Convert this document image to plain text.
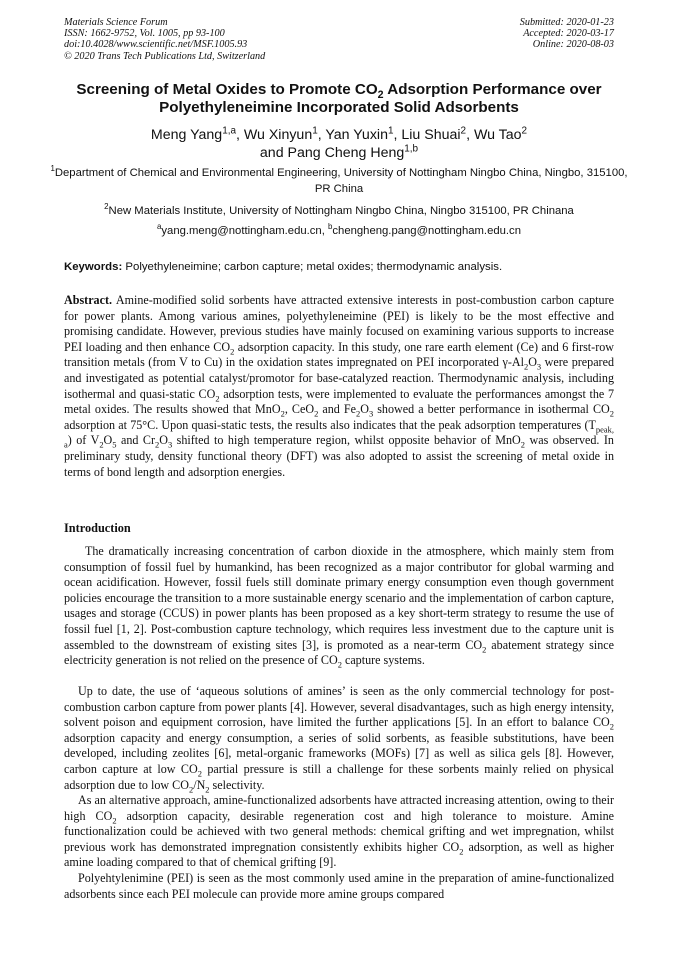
Materials Science Forum
ISSN: 1662-9752, Vol. 1005, pp 93-100
doi:10.4028/www.scientific.net/MSF.1005.93
© 2020 Trans Tech Publications Ltd, Switzerland
Submitted: 2020-01-23
Accepted: 2020-03-17
Online: 2020-08-03
Screening of Metal Oxides to Promote $CO_2$ Adsorption Performance over Polyethyleneimine Incorporated Solid Adsorbents
Meng Yang$^{1,a}$, Wu Xinyun$^1$, Yan Yuxin$^1$, Liu Shuai$^2$, Wu Tao$^2$
and Pang Cheng Heng$^{1,b}$
$^1$Department of Chemical and Environmental Engineering, University of Nottingham Ningbo China, Ningbo, 315100, PR China
$^2$New Materials Institute, University of Nottingham Ningbo China, Ningbo 315100, PR Chinana
$^a$yang.meng@nottingham.edu.cn, $^b$chengheng.pang@nottingham.edu.cn
Keywords: Polyethyleneimine; carbon capture; metal oxides; thermodynamic analysis.
Abstract. Amine-modified solid sorbents have attracted extensive interests in post-combustion carbon capture for power plants. Among various amines, polyethyleneimine (PEI) is likely to be the most effective and promising candidate. However, previous studies have mainly focused on examining various supports to increase PEI loading and then enhance $CO_2$ adsorption capacity. In this study, one rare earth element (Ce) and 6 first-row transition metals (from V to Cu) in the oxidation states impregnated on PEI incorporated $\gamma-Al_2O_3$ were prepared and investigated as potential catalyst/promotor for base-catalyzed reaction. Thermodynamic analysis, including isothermal and quasi-static $CO_2$ adsorption tests, were implemented to evaluate the performances amongst the 7 metal oxides. The results showed that MnO$_2$, CeO$_2$ and $Fe_2O_3$ showed a better performance in isothermal $CO_2$ adsorption at 75°C. Upon quasi-static tests, the results also indicates that the peak adsorption temperatures $(T_{peak, a})$ of $V_2O_5$ and $Cr_2O_3$ shifted to high temperature region, whilst opposite behavior of MnO$_2$ was observed. In preliminary study, density functional theory (DFT) was also adopted to assist the screening of metal oxide in terms of bond length and adsorption energies.
Introduction
The dramatically increasing concentration of carbon dioxide in the atmosphere, which mainly stem from consumption of fossil fuel by humankind, has been recognized as a major contributor for global warming and ocean acidification. However, fossil fuels still dominate primary energy consumption even though government policies encourage the transition to a more sustainable energy scenario and the implementation of carbon capture, usages and storage (CCUS) in power plants has been proposed as a key short-term strategy to resume the use of fossil fuel [1, 2]. Post-combustion capture technology, which requires less investment due to the capture unit is assembled to the downstream of existing sites [3], is promoted as a near-term $CO_2$ abatement strategy since electricity generation is not relied on the presence of $CO_2$ capture systems.
Up to date, the use of ‘aqueous solutions of amines’ is seen as the only commercial technology for post-combustion carbon capture from power plants [4]. However, several disadvantages, such as high energy intensity, solvent poison and equipment corrosion, have limited the further applications [5]. In an effort to balance $CO_2$ adsorption capacity and energy consumption, a series of solid sorbents, as feasible substitutions, have been developed, including zeolites [6], metal-organic frameworks (MOFs) [7] as well as silica gels [8]. However, carbon capture at low $CO_2$ partial pressure is still a challenge for these sorbents mainly relied on physical adsorption due to low $CO_2/N_2$ selectivity.
As an alternative approach, amine-functionalized adsorbents have attracted increasing attention, owing to their high $CO_2$ adsorption capacity, desirable regeneration cost and high tolerance to moisture. Amine functionalization could be achieved with two general methods: chemical grifting and wet impregnation, whilst previous work has demonstrated impregnation consistently exhibits higher $CO_2$ adsorption, as well as higher amine loading compared to that of chemical grifting [9].
Polyehtylenimine (PEI) is seen as the most commonly used amine in the preparation of amine-functionalized adsorbents since each PEI molecule can provide more amine groups compared
